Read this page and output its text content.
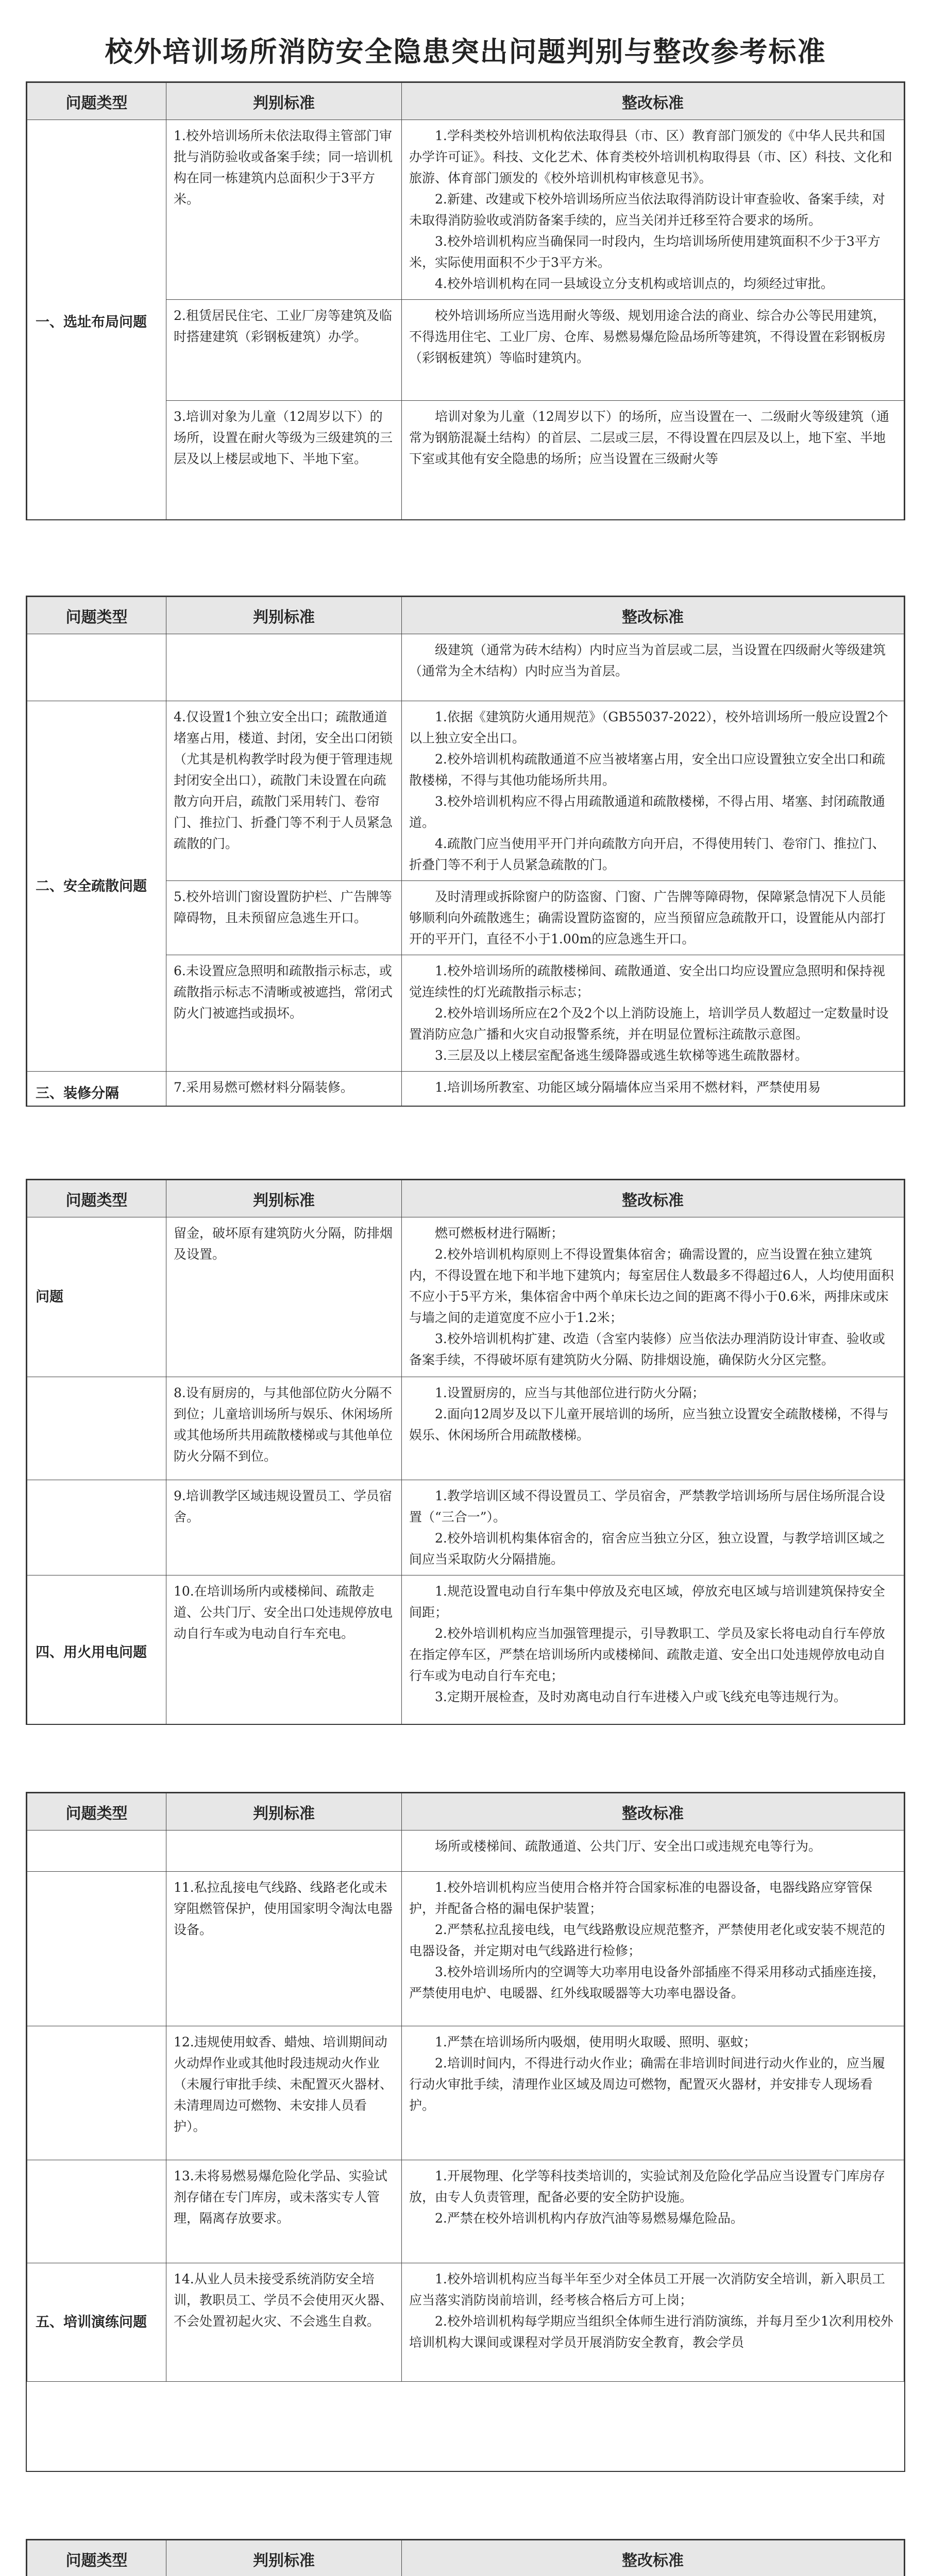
校外培训场所消防安全隐患突出问题判别与整改参考标准
问题类型	判别标准	整改标准
一、选址布局问题	1.校外培训场所未依法取得主管部门审批与消防验收或备案手续；同一培训机构在同一栋建筑内总面积少于3平方米。	1.学科类校外培训机构依法取得县（市、区）教育部门颁发的《中华人民共和国办学许可证》。科技、文化艺术、体育类校外培训机构取得县（市、区）科技、文化和旅游、体育部门颁发的《校外培训机构审核意见书》。

2.新建、改建或下校外培训场所应当依法取得消防设计审查验收、备案手续，对未取得消防验收或消防备案手续的，应当关闭并迁移至符合要求的场所。

3.校外培训机构应当确保同一时段内，生均培训场所使用建筑面积不少于3平方米，实际使用面积不少于3平方米。

4.校外培训机构在同一县域设立分支机构或培训点的，均须经过审批。

	2.租赁居民住宅、工业厂房等建筑及临时搭建建筑（彩钢板建筑）办学。	校外培训场所应当选用耐火等级、规划用途合法的商业、综合办公等民用建筑，不得选用住宅、工业厂房、仓库、易燃易爆危险品场所等建筑，不得设置在彩钢板房（彩钢板建筑）等临时建筑内。

	3.培训对象为儿童（12周岁以下）的场所，设置在耐火等级为三级建筑的三层及以上楼层或地下、半地下室。	培训对象为儿童（12周岁以下）的场所，应当设置在一、二级耐火等级建筑（通常为钢筋混凝土结构）的首层、二层或三层，不得设置在四层及以上，地下室、半地下室或其他有安全隐患的场所；应当设置在三级耐火等

问题类型	判别标准	整改标准

		级建筑（通常为砖木结构）内时应当为首层或二层，当设置在四级耐火等级建筑（通常为全木结构）内时应当为首层。

二、安全疏散问题	4.仅设置1个独立安全出口；疏散通道堵塞占用，楼道、封闭，安全出口闭锁（尤其是机构教学时段为便于管理违规封闭安全出口），疏散门未设置在向疏散方向开启，疏散门采用转门、卷帘门、推拉门、折叠门等不利于人员紧急疏散的门。	1.依据《建筑防火通用规范》（GB55037-2022），校外培训场所一般应设置2个以上独立安全出口。

2.校外培训机构疏散通道不应当被堵塞占用，安全出口应设置独立安全出口和疏散楼梯，不得与其他功能场所共用。

3.校外培训机构应不得占用疏散通道和疏散楼梯，不得占用、堵塞、封闭疏散通道。

4.疏散门应当使用平开门并向疏散方向开启，不得使用转门、卷帘门、推拉门、折叠门等不利于人员紧急疏散的门。

	5.校外培训门窗设置防护栏、广告牌等障碍物，且未预留应急逃生开口。	及时清理或拆除窗户的防盗窗、门窗、广告牌等障碍物，保障紧急情况下人员能够顺利向外疏散逃生；确需设置防盗窗的，应当预留应急疏散开口，设置能从内部打开的平开门，直径不小于1.00m的应急逃生开口。

	6.未设置应急照明和疏散指示标志，或疏散指示标志不清晰或被遮挡，常闭式防火门被遮挡或损坏。	1.校外培训场所的疏散楼梯间、疏散通道、安全出口均应设置应急照明和保持视觉连续性的灯光疏散指示标志；

2.校外培训场所应在2个及2个以上消防设施上，培训学员人数超过一定数量时设置消防应急广播和火灾自动报警系统，并在明显位置标注疏散示意图。

3.三层及以上楼层室配备逃生缓降器或逃生软梯等逃生疏散器材。

三、装修分隔	7.采用易燃可燃材料分隔装修。	1.培训场所教室、功能区域分隔墙体应当采用不燃材料，严禁使用易

问题类型	判别标准	整改标准
问题	留金，破坏原有建筑防火分隔，防排烟及设置。	燃可燃板材进行隔断；

2.校外培训机构原则上不得设置集体宿舍；确需设置的，应当设置在独立建筑内，不得设置在地下和半地下建筑内；每室居住人数最多不得超过6人，人均使用面积不应小于5平方米，集体宿舍中两个单床长边之间的距离不得小于0.6米，两排床或床与墙之间的走道宽度不应小于1.2米；

3.校外培训机构扩建、改造（含室内装修）应当依法办理消防设计审查、验收或备案手续，不得破坏原有建筑防火分隔、防排烟设施，确保防火分区完整。

	8.设有厨房的，与其他部位防火分隔不到位；儿童培训场所与娱乐、休闲场所或其他场所共用疏散楼梯或与其他单位防火分隔不到位。	1.设置厨房的，应当与其他部位进行防火分隔；

2.面向12周岁及以下儿童开展培训的场所，应当独立设置安全疏散楼梯，不得与娱乐、休闲场所合用疏散楼梯。

	9.培训教学区域违规设置员工、学员宿舍。	1.教学培训区域不得设置员工、学员宿舍，严禁教学培训场所与居住场所混合设置（“三合一”）。

2.校外培训机构集体宿舍的，宿舍应当独立分区，独立设置，与教学培训区域之间应当采取防火分隔措施。

四、用火用电问题	10.在培训场所内或楼梯间、疏散走道、公共门厅、安全出口处违规停放电动自行车或为电动自行车充电。	1.规范设置电动自行车集中停放及充电区域，停放充电区域与培训建筑保持安全间距；

2.校外培训机构应当加强管理提示，引导教职工、学员及家长将电动自行车停放在指定停车区，严禁在培训场所内或楼梯间、疏散走道、安全出口处违规停放电动自行车或为电动自行车充电；

3.定期开展检查，及时劝离电动自行车进楼入户或飞线充电等违规行为。

问题类型	判别标准	整改标准

		场所或楼梯间、疏散通道、公共门厅、安全出口或违规充电等行为。

	11.私拉乱接电气线路、线路老化或未穿阻燃管保护，使用国家明令淘汰电器设备。	1.校外培训机构应当使用合格并符合国家标准的电器设备，电器线路应穿管保护，并配备合格的漏电保护装置；

2.严禁私拉乱接电线，电气线路敷设应规范整齐，严禁使用老化或安装不规范的电器设备，并定期对电气线路进行检修；

3.校外培训场所内的空调等大功率用电设备外部插座不得采用移动式插座连接，严禁使用电炉、电暖器、红外线取暖器等大功率电器设备。

	12.违规使用蚊香、蜡烛、培训期间动火动焊作业或其他时段违规动火作业（未履行审批手续、未配置灭火器材、未清理周边可燃物、未安排人员看护）。	1.严禁在培训场所内吸烟，使用明火取暖、照明、驱蚊；

2.培训时间内，不得进行动火作业；确需在非培训时间进行动火作业的，应当履行动火审批手续，清理作业区域及周边可燃物，配置灭火器材，并安排专人现场看护。

	13.未将易燃易爆危险化学品、实验试剂存储在专门库房，或未落实专人管理，隔离存放要求。	1.开展物理、化学等科技类培训的，实验试剂及危险化学品应当设置专门库房存放，由专人负责管理，配备必要的安全防护设施。

2.严禁在校外培训机构内存放汽油等易燃易爆危险品。

五、培训演练问题	14.从业人员未接受系统消防安全培训，教职员工、学员不会使用灭火器、不会处置初起火灾、不会逃生自救。	1.校外培训机构应当每半年至少对全体员工开展一次消防安全培训，新入职员工应当落实消防岗前培训，经考核合格后方可上岗；

2.校外培训机构每学期应当组织全体师生进行消防演练，并每月至少1次利用校外培训机构大课间或课程对学员开展消防安全教育，教会学员

问题类型	判别标准	整改标准
